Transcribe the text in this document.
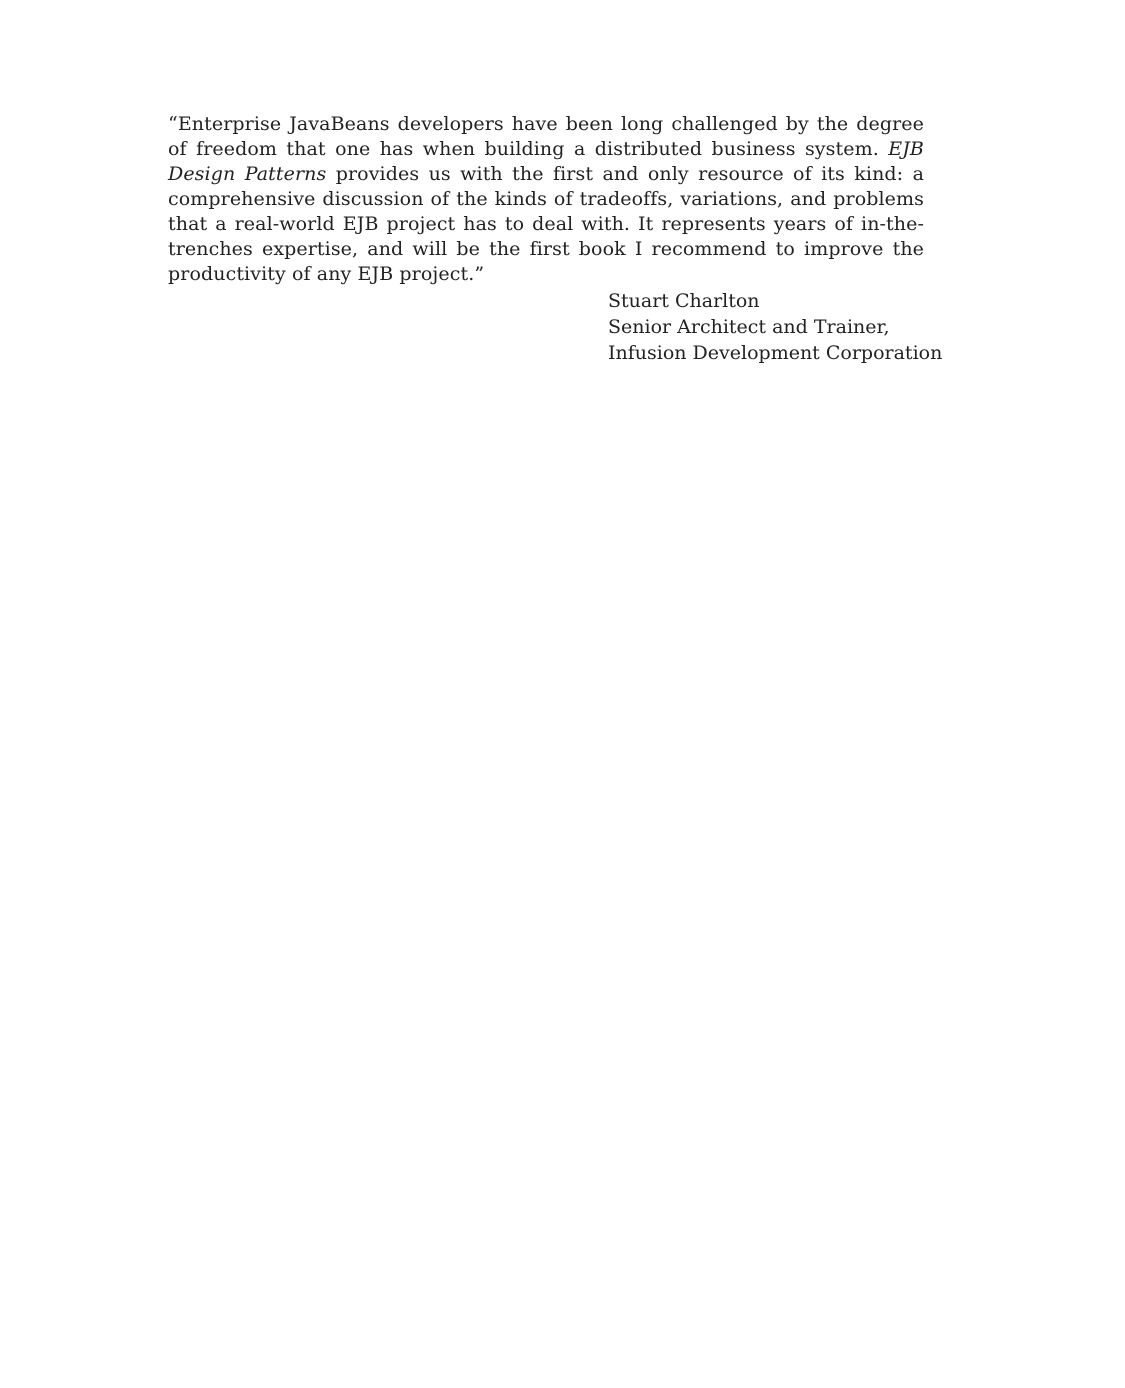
“Enterprise JavaBeans developers have been long challenged by the degree of freedom that one has when building a distributed business system. EJB Design Patterns provides us with the first and only resource of its kind: a comprehensive discussion of the kinds of tradeoffs, variations, and problems that a real-world EJB project has to deal with. It represents years of in-the-trenches expertise, and will be the first book I recommend to improve the productivity of any EJB project.”

Stuart Charlton
Senior Architect and Trainer,
Infusion Development Corporation
